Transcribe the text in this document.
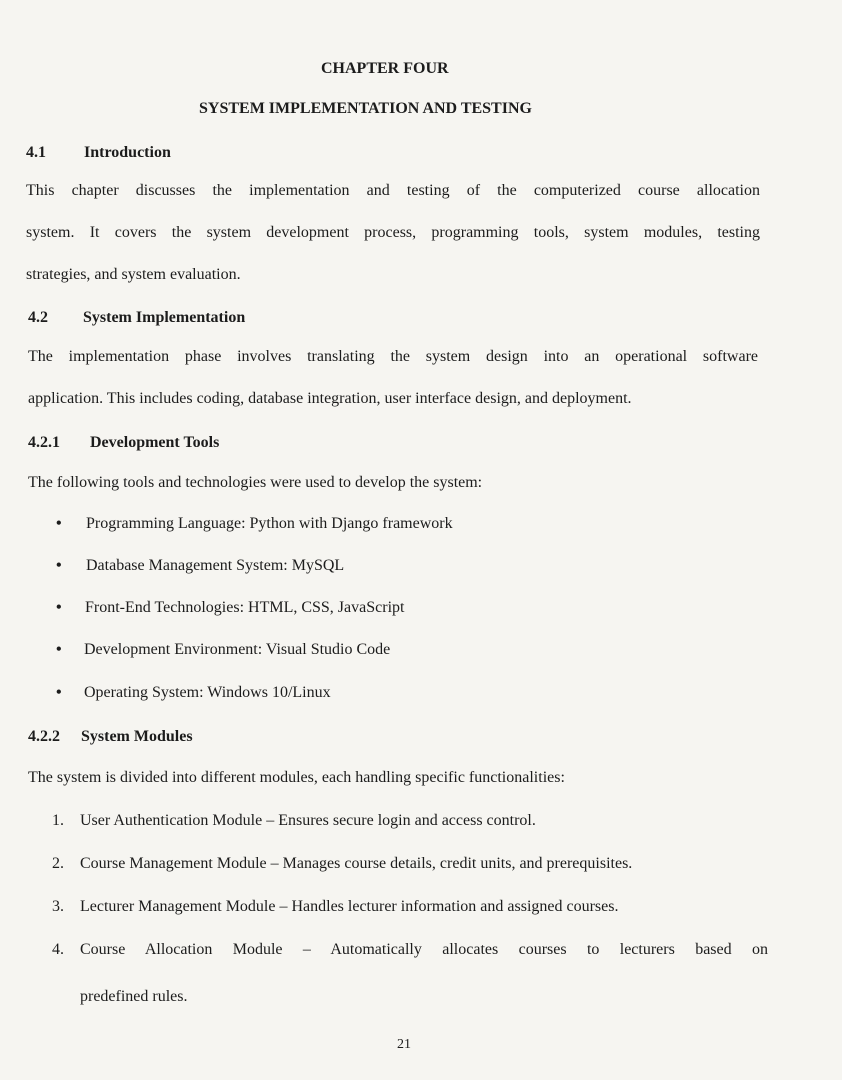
CHAPTER FOUR
SYSTEM IMPLEMENTATION AND TESTING
4.1 Introduction
This chapter discusses the implementation and testing of the computerized course allocation
system. It covers the system development process, programming tools, system modules, testing
strategies, and system evaluation.
4.2 System Implementation
The implementation phase involves translating the system design into an operational software
application. This includes coding, database integration, user interface design, and deployment.
4.2.1 Development Tools
The following tools and technologies were used to develop the system:
• Programming Language: Python with Django framework
• Database Management System: MySQL
• Front-End Technologies: HTML, CSS, JavaScript
• Development Environment: Visual Studio Code
• Operating System: Windows 10/Linux
4.2.2 System Modules
The system is divided into different modules, each handling specific functionalities:
1. User Authentication Module – Ensures secure login and access control.
2. Course Management Module – Manages course details, credit units, and prerequisites.
3. Lecturer Management Module – Handles lecturer information and assigned courses.
4.	Course Allocation Module – Automatically allocates courses to lecturers based on
predefined rules.
21
